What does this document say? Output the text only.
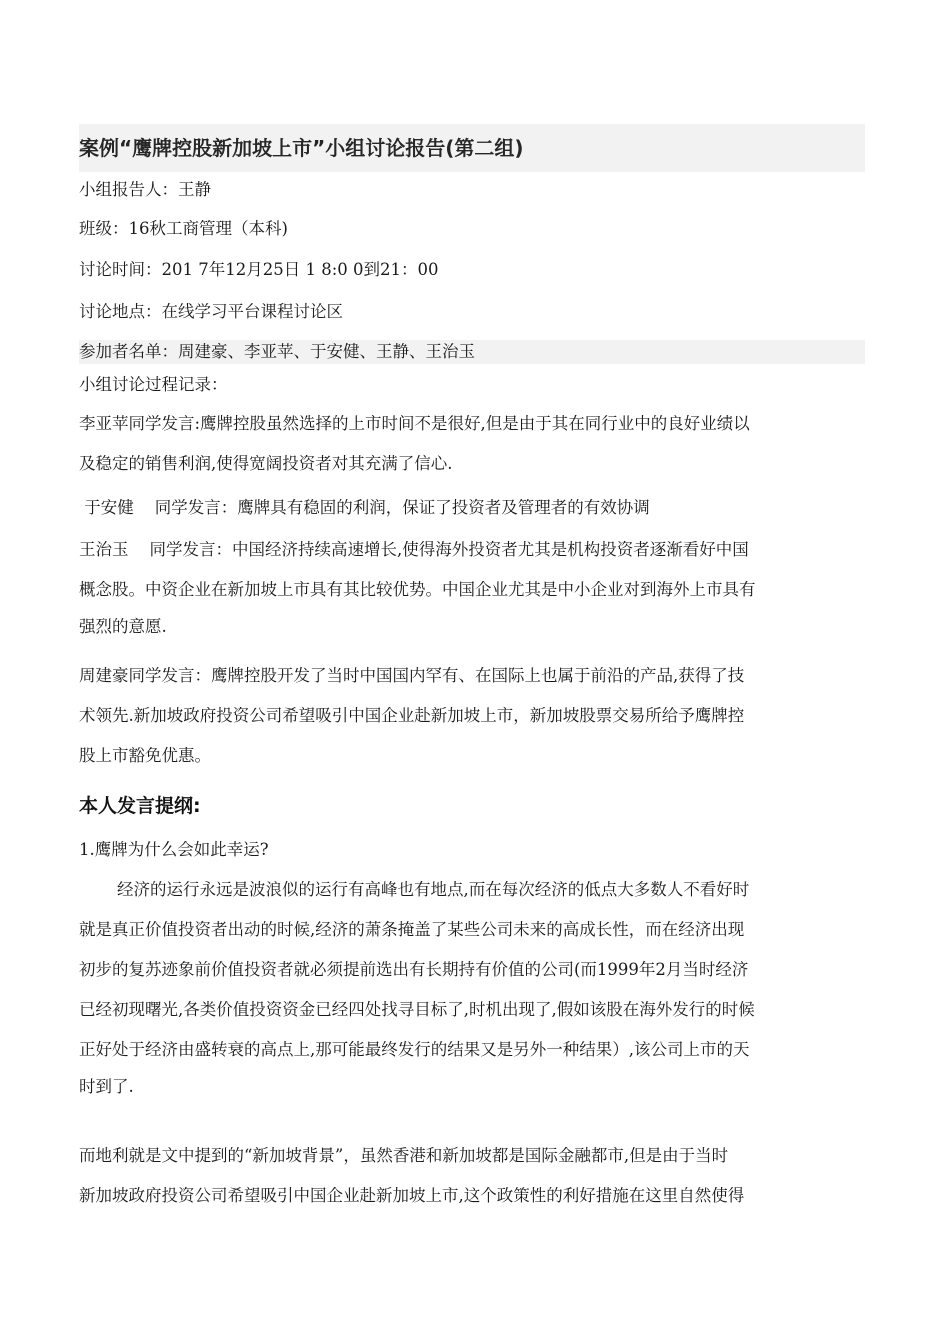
案例“鹰牌控股新加坡上市”小组讨论报告(第二组)
小组报告人：王静
班级：16秋工商管理（本科)
讨论时间：201 7年12月25日 1 8:0 0到21：00
讨论地点：在线学习平台课程讨论区
参加者名单：周建豪、李亚苹、于安健、王静、王治玉
小组讨论过程记录：
李亚苹同学发言:鹰牌控股虽然选择的上市时间不是很好,但是由于其在同行业中的良好业绩以
及稳定的销售利润,使得宽阔投资者对其充满了信心.
于安健    同学发言：鹰牌具有稳固的利润，保证了投资者及管理者的有效协调
王治玉    同学发言：中国经济持续高速增长,使得海外投资者尤其是机构投资者逐渐看好中国
概念股。中资企业在新加坡上市具有其比较优势。中国企业尤其是中小企业对到海外上市具有
强烈的意愿.
周建豪同学发言：鹰牌控股开发了当时中国国内罕有、在国际上也属于前沿的产品,获得了技
术领先.新加坡政府投资公司希望吸引中国企业赴新加坡上市，新加坡股票交易所给予鹰牌控
股上市豁免优惠。
本人发言提纲:
1.鹰牌为什么会如此幸运?
经济的运行永远是波浪似的运行有高峰也有地点,而在每次经济的低点大多数人不看好时
就是真正价值投资者出动的时候,经济的萧条掩盖了某些公司未来的高成长性，而在经济出现
初步的复苏迹象前价值投资者就必须提前选出有长期持有价值的公司(而1999年2月当时经济
已经初现曙光,各类价值投资资金已经四处找寻目标了,时机出现了,假如该股在海外发行的时候
正好处于经济由盛转衰的高点上,那可能最终发行的结果又是另外一种结果）,该公司上市的天
时到了.
而地利就是文中提到的“新加坡背景”，虽然香港和新加坡都是国际金融都市,但是由于当时
新加坡政府投资公司希望吸引中国企业赴新加坡上市,这个政策性的利好措施在这里自然使得
